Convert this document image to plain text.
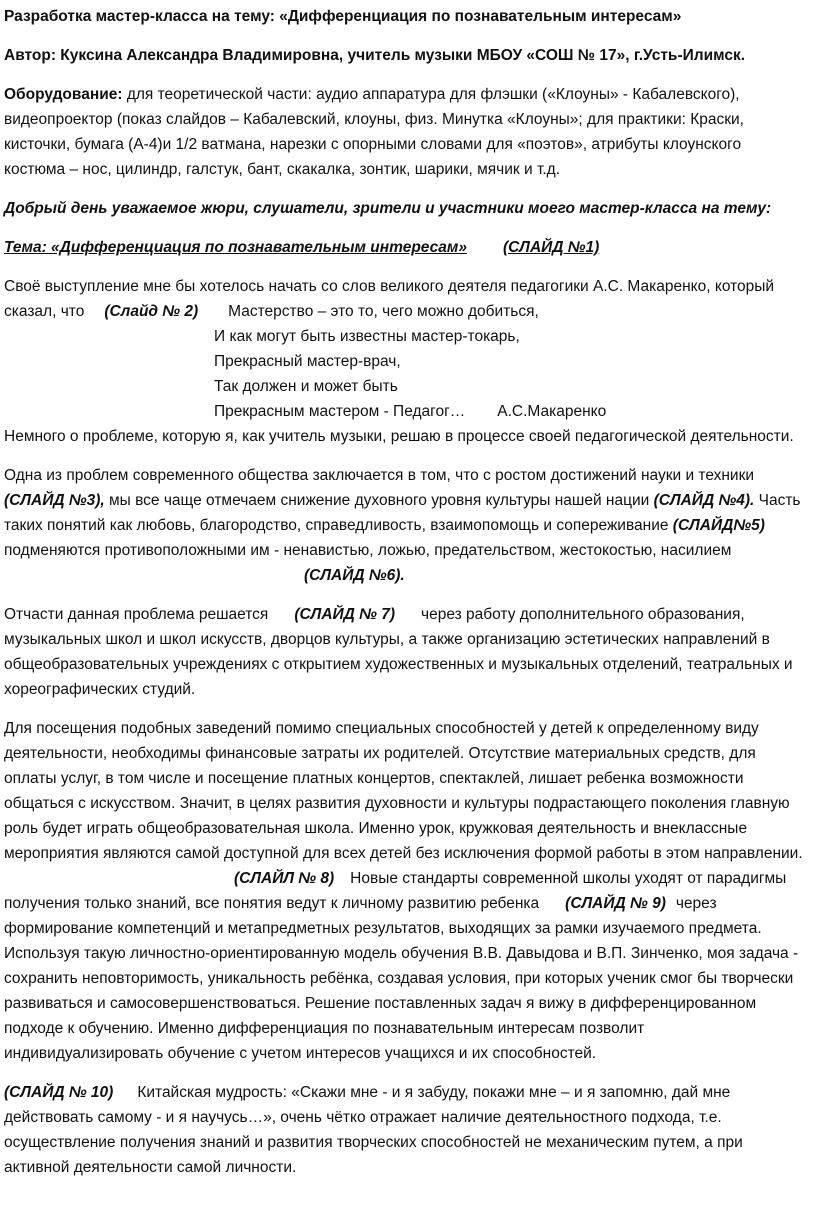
Разработка мастер-класса на тему: «Дифференциация по познавательным интересам»

Автор: Куксина Александра Владимировна, учитель музыки МБОУ «СОШ № 17», г.Усть-Илимск.

Оборудование: для теоретической части: аудио аппаратура для флэшки («Клоуны» - Кабалевского), видеопроектор (показ слайдов – Кабалевский, клоуны, физ. Минутка «Клоуны»; для практики: Краски, кисточки, бумага (А-4)и 1/2 ватмана, нарезки с опорными словами для «поэтов», атрибуты клоунского костюма – нос, цилиндр, галстук, бант, скакалка, зонтик, шарики, мячик и т.д.

Добрый день уважаемое жюри, слушатели, зрители и участники моего мастер-класса на тему:

Тема: «Дифференциация по познавательным интересам» (СЛАЙД №1)

Своё выступление мне бы хотелось начать со слов великого деятеля педагогики А.С. Макаренко, который

сказал, что (Слайд № 2) Мастерство – это то, чего можно добиться,

И как могут быть известны мастер-токарь,

Прекрасный мастер-врач,

Так должен и может быть

Прекрасным мастером - Педагог… А.С.Макаренко

Немного о проблеме, которую я, как учитель музыки, решаю в процессе своей педагогической деятельности.

Одна из проблем современного общества заключается в том, что с ростом достижений науки и техники (СЛАЙД №3), мы все чаще отмечаем снижение духовного уровня культуры нашей нации (СЛАЙД №4). Часть таких понятий как любовь, благородство, справедливость, взаимопомощь и сопереживание (СЛАЙД№5) подменяются противоположными им - ненавистью, ложью, предательством, жестокостью, насилием(СЛАЙД №6).

Отчасти данная проблема решается (СЛАЙД № 7) через работу дополнительного образования, музыкальных школ и школ искусств, дворцов культуры, а также организацию эстетических направлений в общеобразовательных учреждениях с открытием художественных и музыкальных отделений, театральных и хореографических студий.

Для посещения подобных заведений помимо специальных способностей у детей к определенному виду деятельности, необходимы финансовые затраты их родителей. Отсутствие материальных средств, для оплаты услуг, в том числе и посещение платных концертов, спектаклей, лишает ребенка возможности общаться с искусством. Значит, в целях развития духовности и культуры подрастающего поколения главную роль будет играть общеобразовательная школа. Именно урок, кружковая деятельность и внеклассные мероприятия являются самой доступной для всех детей без исключения формой работы в этом направлении.(СЛАЙЛ № 8) Новые стандарты современной школы уходят от парадигмы получения только знаний, все понятия ведут к личному развитию ребенка (СЛАЙД № 9) через формирование компетенций и метапредметных результатов, выходящих за рамки изучаемого предмета. Используя такую личностно-ориентированную модель обучения В.В. Давыдова и В.П. Зинченко, моя задача - сохранить неповторимость, уникальность ребёнка, создавая условия, при которых ученик смог бы творчески развиваться и самосовершенствоваться. Решение поставленных задач я вижу в дифференцированном подходе к обучению. Именно дифференциация по познавательным интересам позволит индивидуализировать обучение с учетом интересов учащихся и их способностей.

(СЛАЙД № 10) Китайская мудрость: «Скажи мне - и я забуду, покажи мне – и я запомню, дай мне действовать самому - и я научусь…», очень чётко отражает наличие деятельностного подхода, т.е. осуществление получения знаний и развития творческих способностей не механическим путем, а при активной деятельности самой личности.
